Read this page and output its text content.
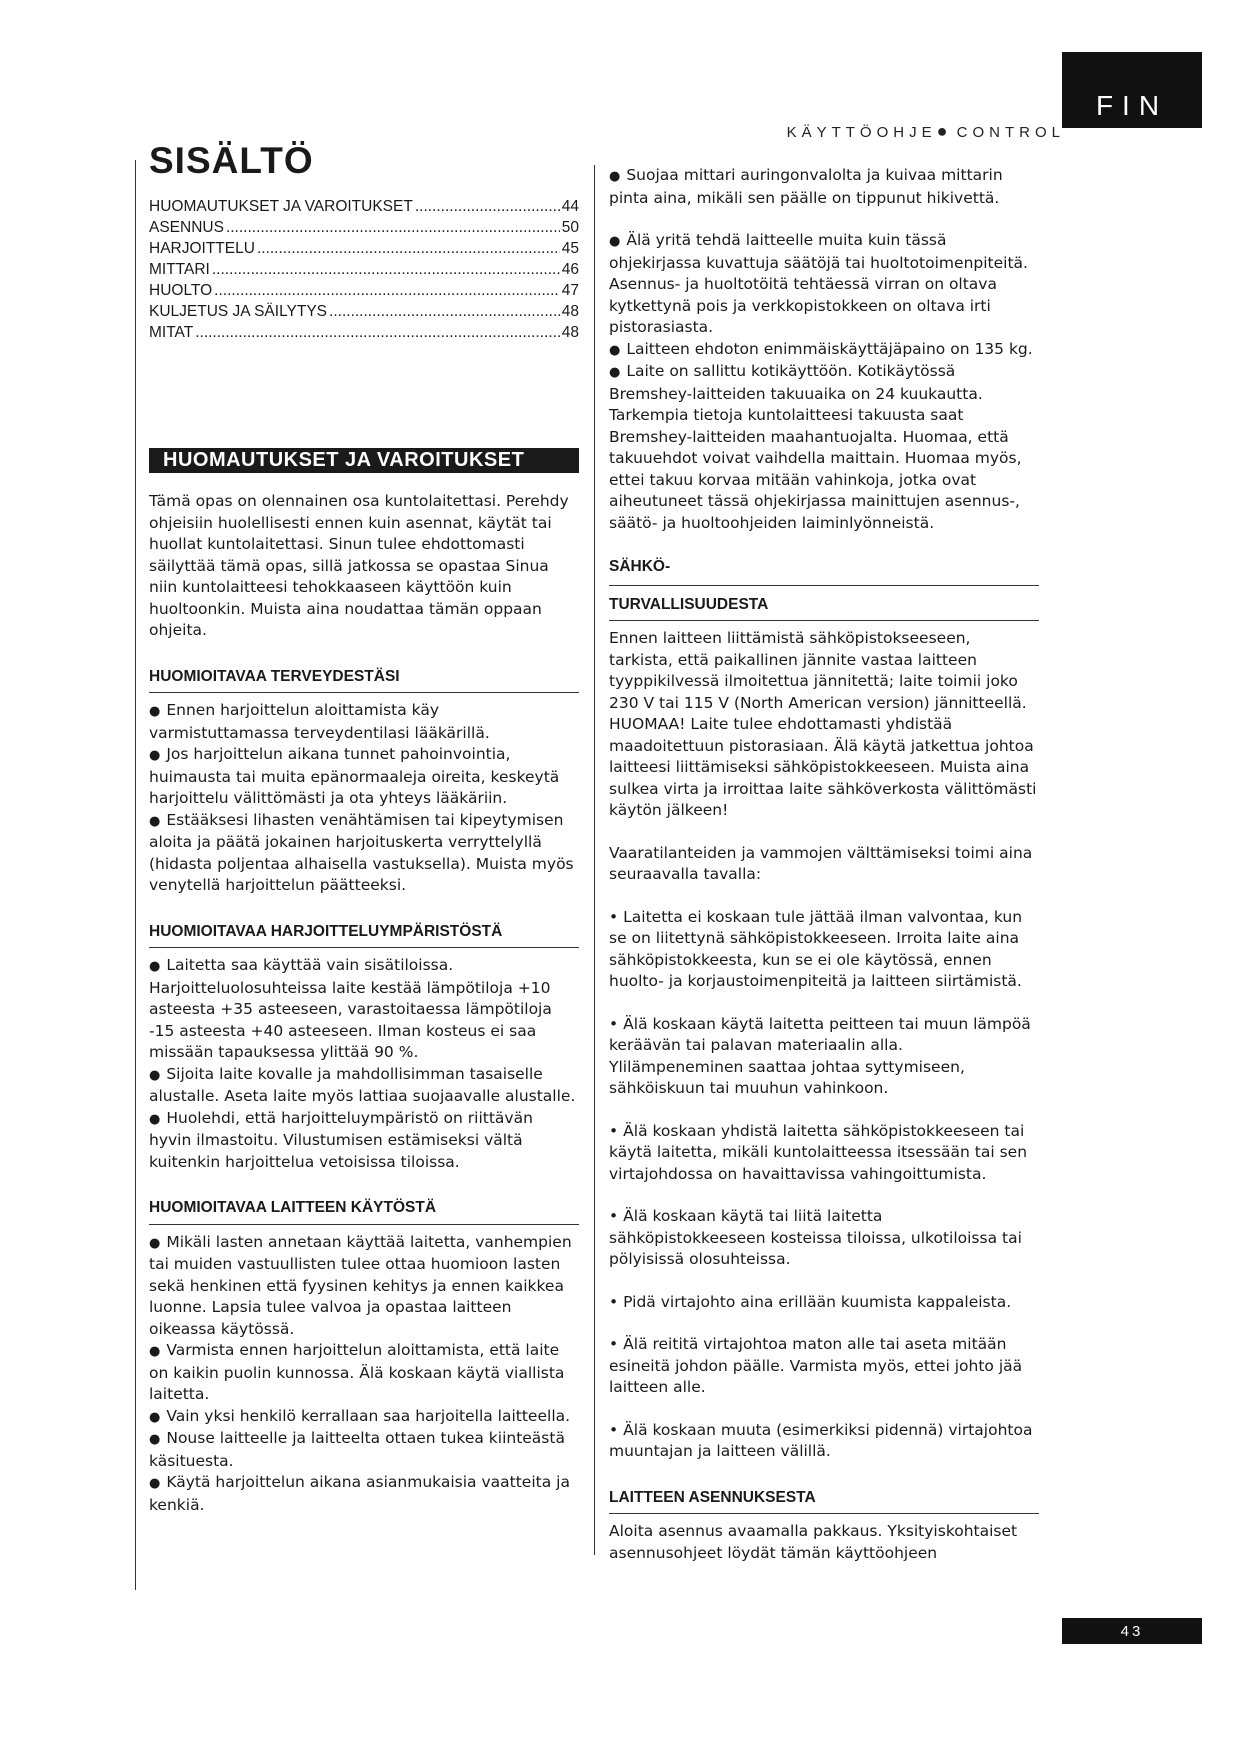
FIN
KÄYTTÖOHJE● CONTROL
SISÄLTÖ
HUOMAUTUKSET JA VAROITUKSET .....	44
ASENNUS .....	50
HARJOITTELU .....	45
MITTARI .....	46
HUOLTO .....	47
KULJETUS JA SÄILYTYS .....	48
MITAT .....	48
HUOMAUTUKSET JA VAROITUKSET

Tämä opas on olennainen osa kuntolaitettasi. Perehdy ohjeisiin huolellisesti ennen kuin asennat, käytät tai huollat kuntolaitettasi. Sinun tulee ehdottomasti säilyttää tämä opas, sillä jatkossa se opastaa Sinua niin kuntolaitteesi tehokkaaseen käyttöön kuin huoltoonkin. Muista aina noudattaa tämän oppaan ohjeita.

HUOMIOITAVAA TERVEYDESTÄSI

● Ennen harjoittelun aloittamista käy varmistuttamassa terveydentilasi lääkärillä.

● Jos harjoittelun aikana tunnet pahoinvointia, huimausta tai muita epänormaaleja oireita, keskeytä harjoittelu välittömästi ja ota yhteys lääkäriin.

● Estääksesi lihasten venähtämisen tai kipeytymisen aloita ja päätä jokainen harjoituskerta verryttelyllä (hidasta poljentaa alhaisella vastuksella). Muista myös venytellä harjoittelun päätteeksi.

HUOMIOITAVAA HARJOITTELUYMPÄRISTÖSTÄ

● Laitetta saa käyttää vain sisätiloissa. Harjoitteluolosuhteissa laite kestää lämpötiloja +10 asteesta +35 asteeseen, varastoitaessa lämpötiloja -15 asteesta +40 asteeseen. Ilman kosteus ei saa missään tapauksessa ylittää 90 %.

● Sijoita laite kovalle ja mahdollisimman tasaiselle alustalle. Aseta laite myös lattiaa suojaavalle alustalle.

● Huolehdi, että harjoitteluympäristö on riittävän hyvin ilmastoitu. Vilustumisen estämiseksi vältä kuitenkin harjoittelua vetoisissa tiloissa.

HUOMIOITAVAA LAITTEEN KÄYTÖSTÄ

● Mikäli lasten annetaan käyttää laitetta, vanhempien tai muiden vastuullisten tulee ottaa huomioon lasten sekä henkinen että fyysinen kehitys ja ennen kaikkea luonne. Lapsia tulee valvoa ja opastaa laitteen oikeassa käytössä.

● Varmista ennen harjoittelun aloittamista, että laite on kaikin puolin kunnossa. Älä koskaan käytä viallista laitetta.

● Vain yksi henkilö kerrallaan saa harjoitella laitteella.

● Nouse laitteelle ja laitteelta ottaen tukea kiinteästä käsituesta.

● Käytä harjoittelun aikana asianmukaisia vaatteita ja kenkiä.

● Suojaa mittari auringonvalolta ja kuivaa mittarin pinta aina, mikäli sen päälle on tippunut hikivettä.

● Älä yritä tehdä laitteelle muita kuin tässä ohjekirjassa kuvattuja säätöjä tai huoltotoimenpiteitä. Asennus- ja huoltotöitä tehtäessä virran on oltava kytkettynä pois ja verkkopistokkeen on oltava irti pistorasiasta.

● Laitteen ehdoton enimmäiskäyttäjäpaino on 135 kg.

● Laite on sallittu kotikäyttöön. Kotikäytössä Bremshey-laitteiden takuuaika on 24 kuukautta. Tarkempia tietoja kuntolaitteesi takuusta saat Bremshey-laitteiden maahantuojalta. Huomaa, että takuuehdot voivat vaihdella maittain. Huomaa myös, ettei takuu korvaa mitään vahinkoja, jotka ovat aiheutuneet tässä ohjekirjassa mainittujen asennus-, säätö- ja huoltoohjeiden laiminlyönneistä.

SÄHKÖ-
TURVALLISUUDESTA

Ennen laitteen liittämistä sähköpistokseeseen, tarkista, että paikallinen jännite vastaa laitteen tyyppikilvessä ilmoitettua jännitettä; laite toimii joko 230 V tai 115 V (North American version) jännitteellä. HUOMAA! Laite tulee ehdottamasti yhdistää maadoitettuun pistorasiaan. Älä käytä jatkettua johtoa laitteesi liittämiseksi sähköpistokkeeseen. Muista aina sulkea virta ja irroittaa laite sähköverkosta välittömästi käytön jälkeen!

Vaaratilanteiden ja vammojen välttämiseksi toimi aina seuraavalla tavalla:

• Laitetta ei koskaan tule jättää ilman valvontaa, kun se on liitettynä sähköpistokkeeseen. Irroita laite aina sähköpistokkeesta, kun se ei ole käytössä, ennen huolto- ja korjaustoimenpiteitä ja laitteen siirtämistä.

• Älä koskaan käytä laitetta peitteen tai muun lämpöä keräävän tai palavan materiaalin alla. Ylilämpeneminen saattaa johtaa syttymiseen, sähköiskuun tai muuhun vahinkoon.

• Älä koskaan yhdistä laitetta sähköpistokkeeseen tai käytä laitetta, mikäli kuntolaitteessa itsessään tai sen virtajohdossa on havaittavissa vahingoittumista.

• Älä koskaan käytä tai liitä laitetta sähköpistokkeeseen kosteissa tiloissa, ulkotiloissa tai pölyisissä olosuhteissa.

• Pidä virtajohto aina erillään kuumista kappaleista.

• Älä reititä virtajohtoa maton alle tai aseta mitään esineitä johdon päälle. Varmista myös, ettei johto jää laitteen alle.

• Älä koskaan muuta (esimerkiksi pidennä) virtajohtoa muuntajan ja laitteen välillä.

LAITTEEN ASENNUKSESTA

Aloita asennus avaamalla pakkaus. Yksityiskohtaiset asennusohjeet löydät tämän käyttöohjeen

43
